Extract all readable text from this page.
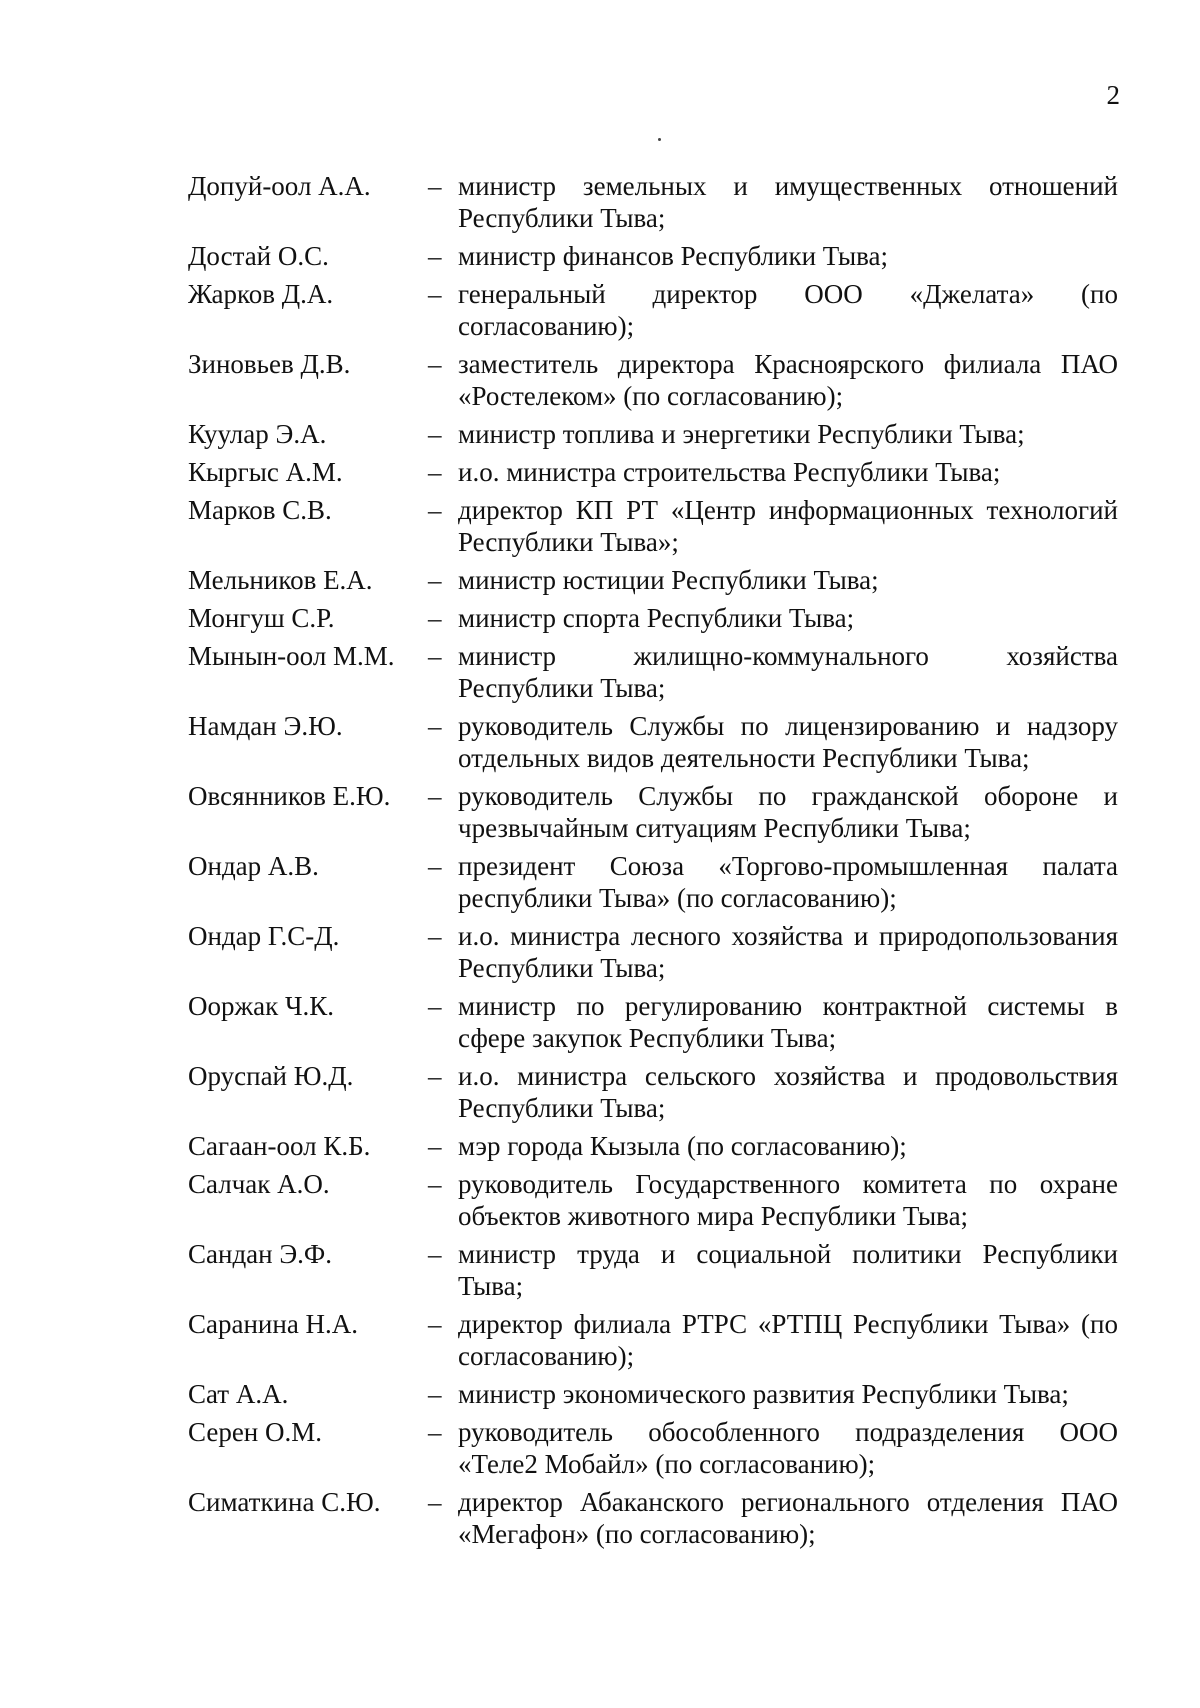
2
Допуй-оол А.А.	– министр земельных и имущественных отношений Республики Тыва;
Достай О.С.	– министр финансов Республики Тыва;
Жарков Д.А.	– генеральный директор ООО «Джелата» (по согласованию);
Зиновьев Д.В.	– заместитель директора Красноярского филиала ПАО «Ростелеком» (по согласованию);
Куулар Э.А.	– министр топлива и энергетики Республики Тыва;
Кыргыс А.М.	– и.о. министра строительства Республики Тыва;
Марков С.В.	– директор КП РТ «Центр информационных технологий Республики Тыва»;
Мельников Е.А.	– министр юстиции Республики Тыва;
Монгуш С.Р.	– министр спорта Республики Тыва;
Мынын-оол М.М.	– министр жилищно-коммунального хозяйства Республики Тыва;
Намдан Э.Ю.	– руководитель Службы по лицензированию и надзору отдельных видов деятельности Республики Тыва;
Овсянников Е.Ю.	– руководитель Службы по гражданской обороне и чрезвычайным ситуациям Республики Тыва;
Ондар А.В.	– президент Союза «Торгово-промышленная палата республики Тыва» (по согласованию);
Ондар Г.С-Д.	– и.о. министра лесного хозяйства и природопользования Республики Тыва;
Ооржак Ч.К.	– министр по регулированию контрактной системы в сфере закупок Республики Тыва;
Оруспай Ю.Д.	– и.о. министра сельского хозяйства и продовольствия Республики Тыва;
Сагаан-оол К.Б.	– мэр города Кызыла (по согласованию);
Салчак А.О.	– руководитель Государственного комитета по охране объектов животного мира Республики Тыва;
Сандан Э.Ф.	– министр труда и социальной политики Республики Тыва;
Саранина Н.А.	– директор филиала РТРС «РТПЦ Республики Тыва» (по согласованию);
Сат А.А.	– министр экономического развития Республики Тыва;
Серен О.М.	– руководитель обособленного подразделения ООО «Теле2 Мобайл» (по согласованию);
Симаткина С.Ю.	– директор Абаканского регионального отделения ПАО «Мегафон» (по согласованию);
